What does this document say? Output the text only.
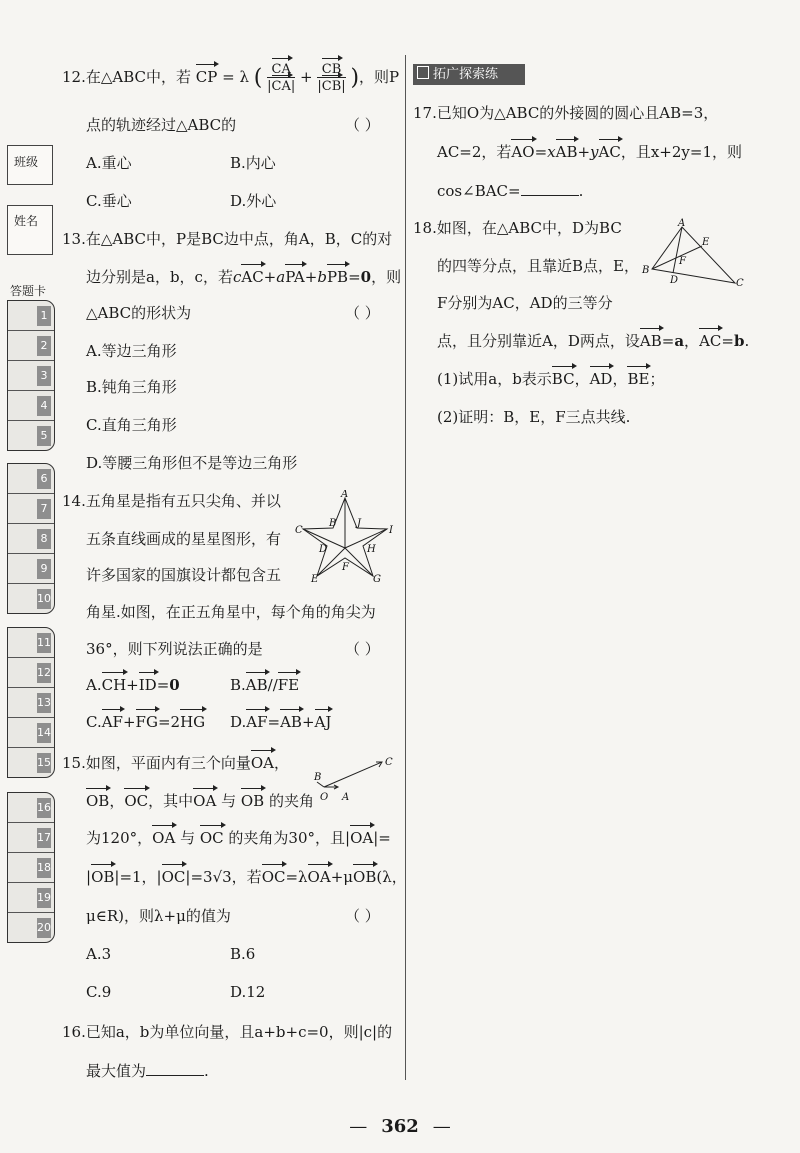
班级
姓名
答题卡
1
2
3
4
5
6
7
8
9
10
11
12
13
14
15
16
17
18
19
20
12.在△ABC中，若 CP = λ ( $\frac{CA}{|CA|} + \frac{CB}{|CB|}$ )，则P
点的轨迹经过△ABC的	（ ）
A.重心	B.内心
C.垂心	D.外心
13.在△ABC中，P是BC边中点，角A，B，C的对
边分别是a，b，c，若cAC+aPA+bPB=0，则
△ABC的形状为	（ ）
A.等边三角形
B.钝角三角形
C.直角三角形
D.等腰三角形但不是等边三角形
14.五角星是指有五只尖角、并以
五条直线画成的星星图形，有
许多国家的国旗设计都包含五
角星.如图，在正五角星中，每个角的角尖为
36°，则下列说法正确的是	（ ）
A
B J
I
C
D	H
F
E	G
A.CH+ID=0	B.AB//FE
C.AF+FG=2HG D.AF=AB+AJ
15.如图，平面内有三个向量OA，
B
C
O A
OB，OC，其中OA 与 OB 的夹角
为120°，OA 与 OC 的夹角为30°，且|OA|=
|OB|=1，|OC|=3√3，若OC=λOA+μOB(λ，
μ∈R)，则λ+μ的值为	（ ）
A.3	B.6
C.9	D.12
16.已知a，b为单位向量，且a+b+c=0，则|c|的
最大值为	.
拓广探索练
17.已知O为△ABC的外接圆的圆心且AB=3，
AC=2，若AO=xAB+yAC，且x+2y=1，则
cos∠BAC=	.
18.如图，在△ABC中，D为BC
的四等分点，且靠近B点，E，
F分别为AC，AD的三等分
点，且分别靠近A，D两点，设AB=a，AC=b.
(1)试用a，b表示BC，AD，BE；
(2)证明：B，E，F三点共线.
A
E
B
F
D	C
— 362 —
